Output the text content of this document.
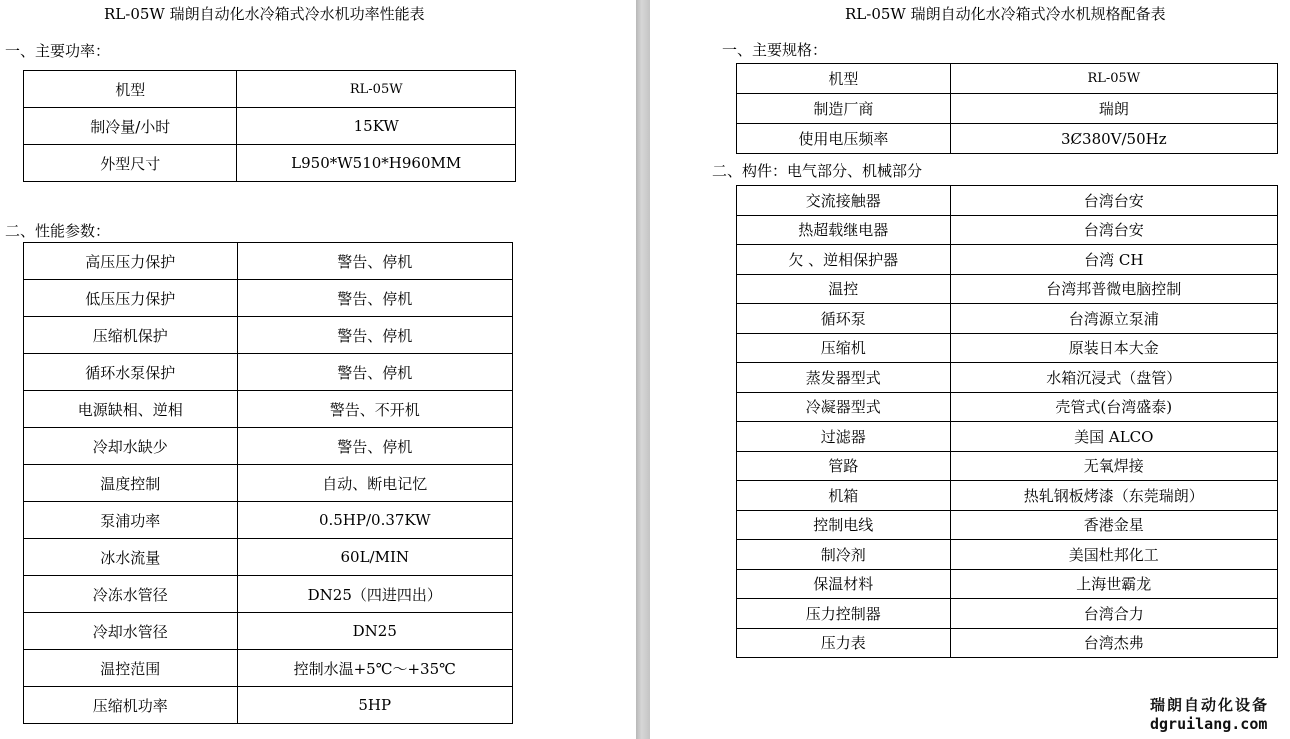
RL-05W 瑞朗自动化水冷箱式冷水机功率性能表
一、主要功率：
机型	RL-05W
制冷量/小时	15KW
外型尺寸	L950*W510*H960MM
二、性能参数：
高压压力保护	警告、停机
低压压力保护	警告、停机
压缩机保护	警告、停机
循环水泵保护	警告、停机
电源缺相、逆相	警告、不开机
冷却水缺少	警告、停机
温度控制	自动、断电记忆
泵浦功率	0.5HP/0.37KW
冰水流量	60L/MIN
冷冻水管径	DN25（四进四出）
冷却水管径	DN25
温控范围	控制水温+5℃～+35℃
压缩机功率	5HP
RL-05W 瑞朗自动化水冷箱式冷水机规格配备表
一、主要规格：
机型	RL-05W
制造厂商	瑞朗
使用电压频率	3Ȼ380V/50Hz
二、构件：电气部分、机械部分
交流接触器	台湾台安
热超载继电器	台湾台安
欠 、逆相保护器	台湾 CH
温控	台湾邦普微电脑控制
循环泵	台湾源立泵浦
压缩机	原装日本大金
蒸发器型式	水箱沉浸式（盘管）
冷凝器型式	壳管式(台湾盛泰)
过滤器	美国 ALCO
管路	无氧焊接
机箱	热轧钢板烤漆（东莞瑞朗）
控制电线	香港金星
制冷剂	美国杜邦化工
保温材料	上海世霸龙
压力控制器	台湾合力
压力表	台湾杰弗
瑞朗自动化设备
dgruilang.com
